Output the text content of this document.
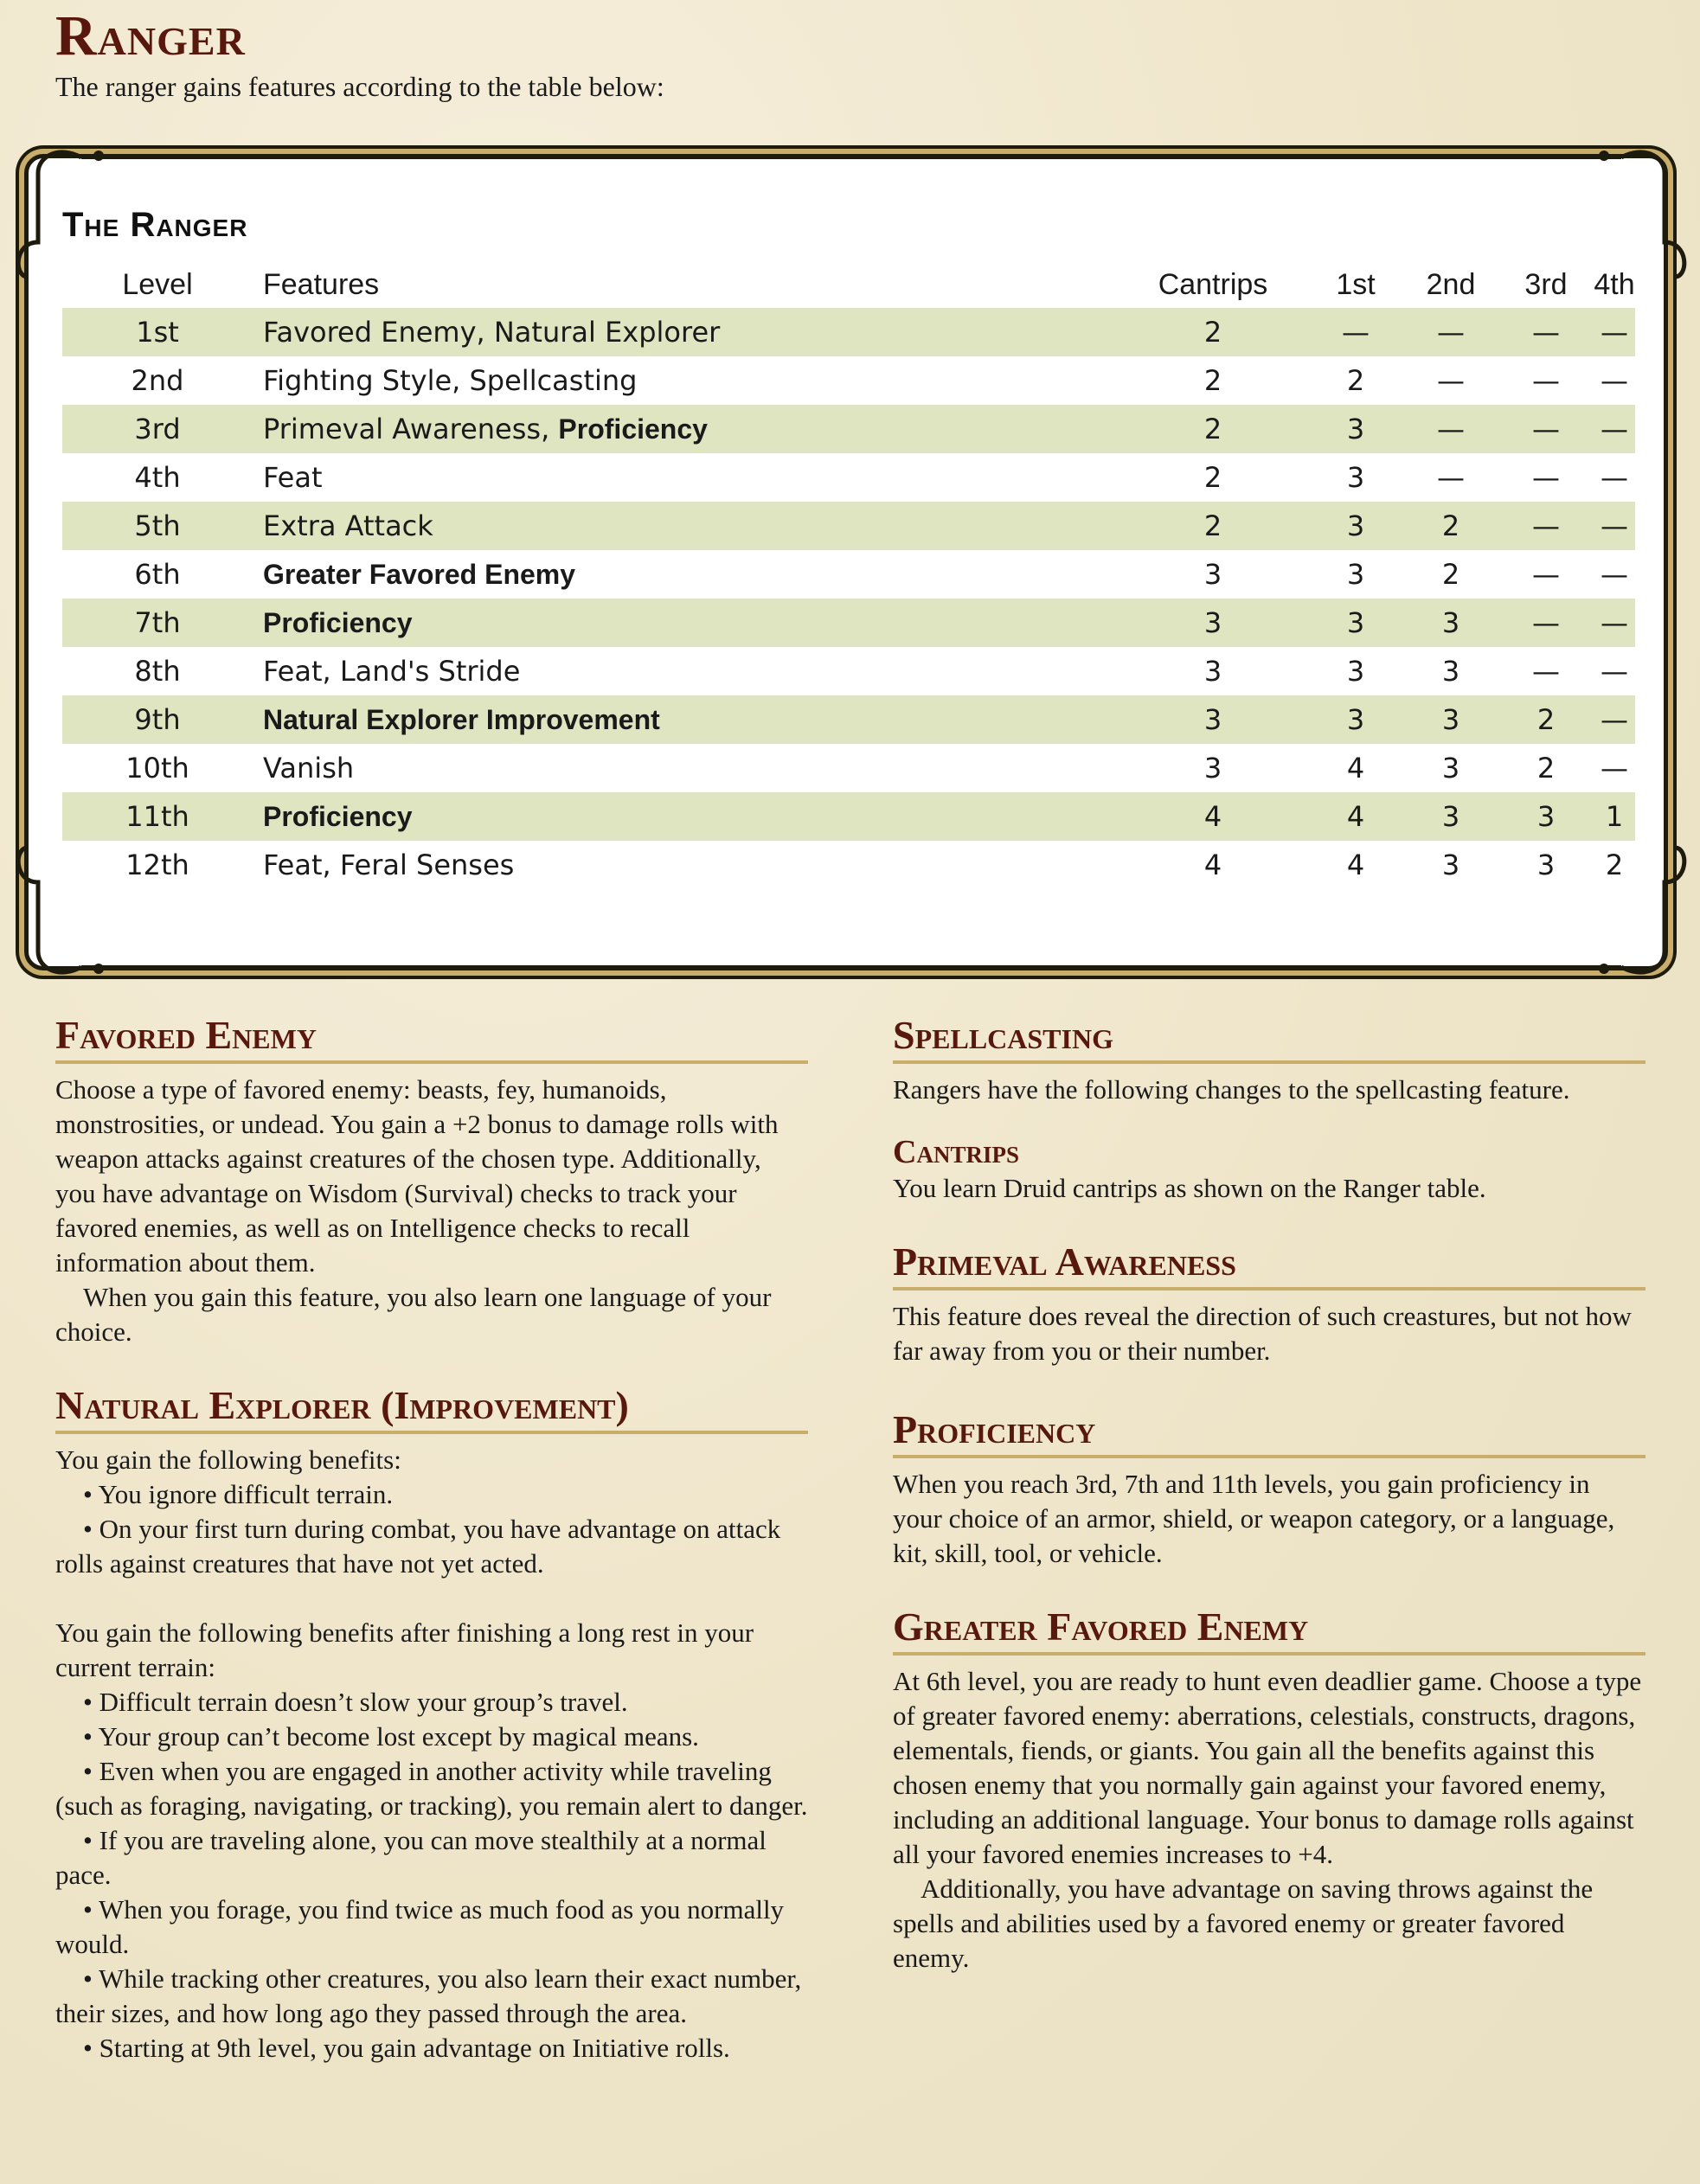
Ranger

The ranger gains features according to the table below:

The Ranger
Level	Features	Cantrips	1st	2nd	3rd	4th
1st	Favored Enemy, Natural Explorer	2	—	—	—	—
2nd	Fighting Style, Spellcasting	2	2	—	—	—
3rd	Primeval Awareness, Proficiency	2	3	—	—	—
4th	Feat	2	3	—	—	—
5th	Extra Attack	2	3	2	—	—
6th	Greater Favored Enemy	3	3	2	—	—
7th	Proficiency	3	3	3	—	—
8th	Feat, Land's Stride	3	3	3	—	—
9th	Natural Explorer Improvement	3	3	3	2	—
10th	Vanish	3	4	3	2	—
11th	Proficiency	4	4	3	3	1
12th	Feat, Feral Senses	4	4	3	3	2
Favored Enemy

Choose a type of favored enemy: beasts, fey, humanoids, monstrosities, or undead. You gain a +2 bonus to damage rolls with weapon attacks against creatures of the chosen type. Additionally, you have advantage on Wisdom (Survival) checks to track your favored enemies, as well as on Intelligence checks to recall information about them.

When you gain this feature, you also learn one language of your choice.

Natural Explorer (Improvement)

You gain the following benefits:

• You ignore difficult terrain.

• On your first turn during combat, you have advantage on attack rolls against creatures that have not yet acted.

You gain the following benefits after finishing a long rest in your current terrain:

• Difficult terrain doesn’t slow your group’s travel.

• Your group can’t become lost except by magical means.

• Even when you are engaged in another activity while traveling (such as foraging, navigating, or tracking), you remain alert to danger.

• If you are traveling alone, you can move stealthily at a normal pace.

• When you forage, you find twice as much food as you normally would.

• While tracking other creatures, you also learn their exact number, their sizes, and how long ago they passed through the area.

• Starting at 9th level, you gain advantage on Initiative rolls.

Spellcasting

Rangers have the following changes to the spellcasting feature.

Cantrips

You learn Druid cantrips as shown on the Ranger table.

Primeval Awareness

This feature does reveal the direction of such creastures, but not how far away from you or their number.

Proficiency

When you reach 3rd, 7th and 11th levels, you gain proficiency in your choice of an armor, shield, or weapon category, or a language, kit, skill, tool, or vehicle.

Greater Favored Enemy

At 6th level, you are ready to hunt even deadlier game. Choose a type of greater favored enemy: aberrations, celestials, constructs, dragons, elementals, fiends, or giants. You gain all the benefits against this chosen enemy that you normally gain against your favored enemy, including an additional language. Your bonus to damage rolls against all your favored enemies increases to +4.

Additionally, you have advantage on saving throws against the spells and abilities used by a favored enemy or greater favored enemy.
